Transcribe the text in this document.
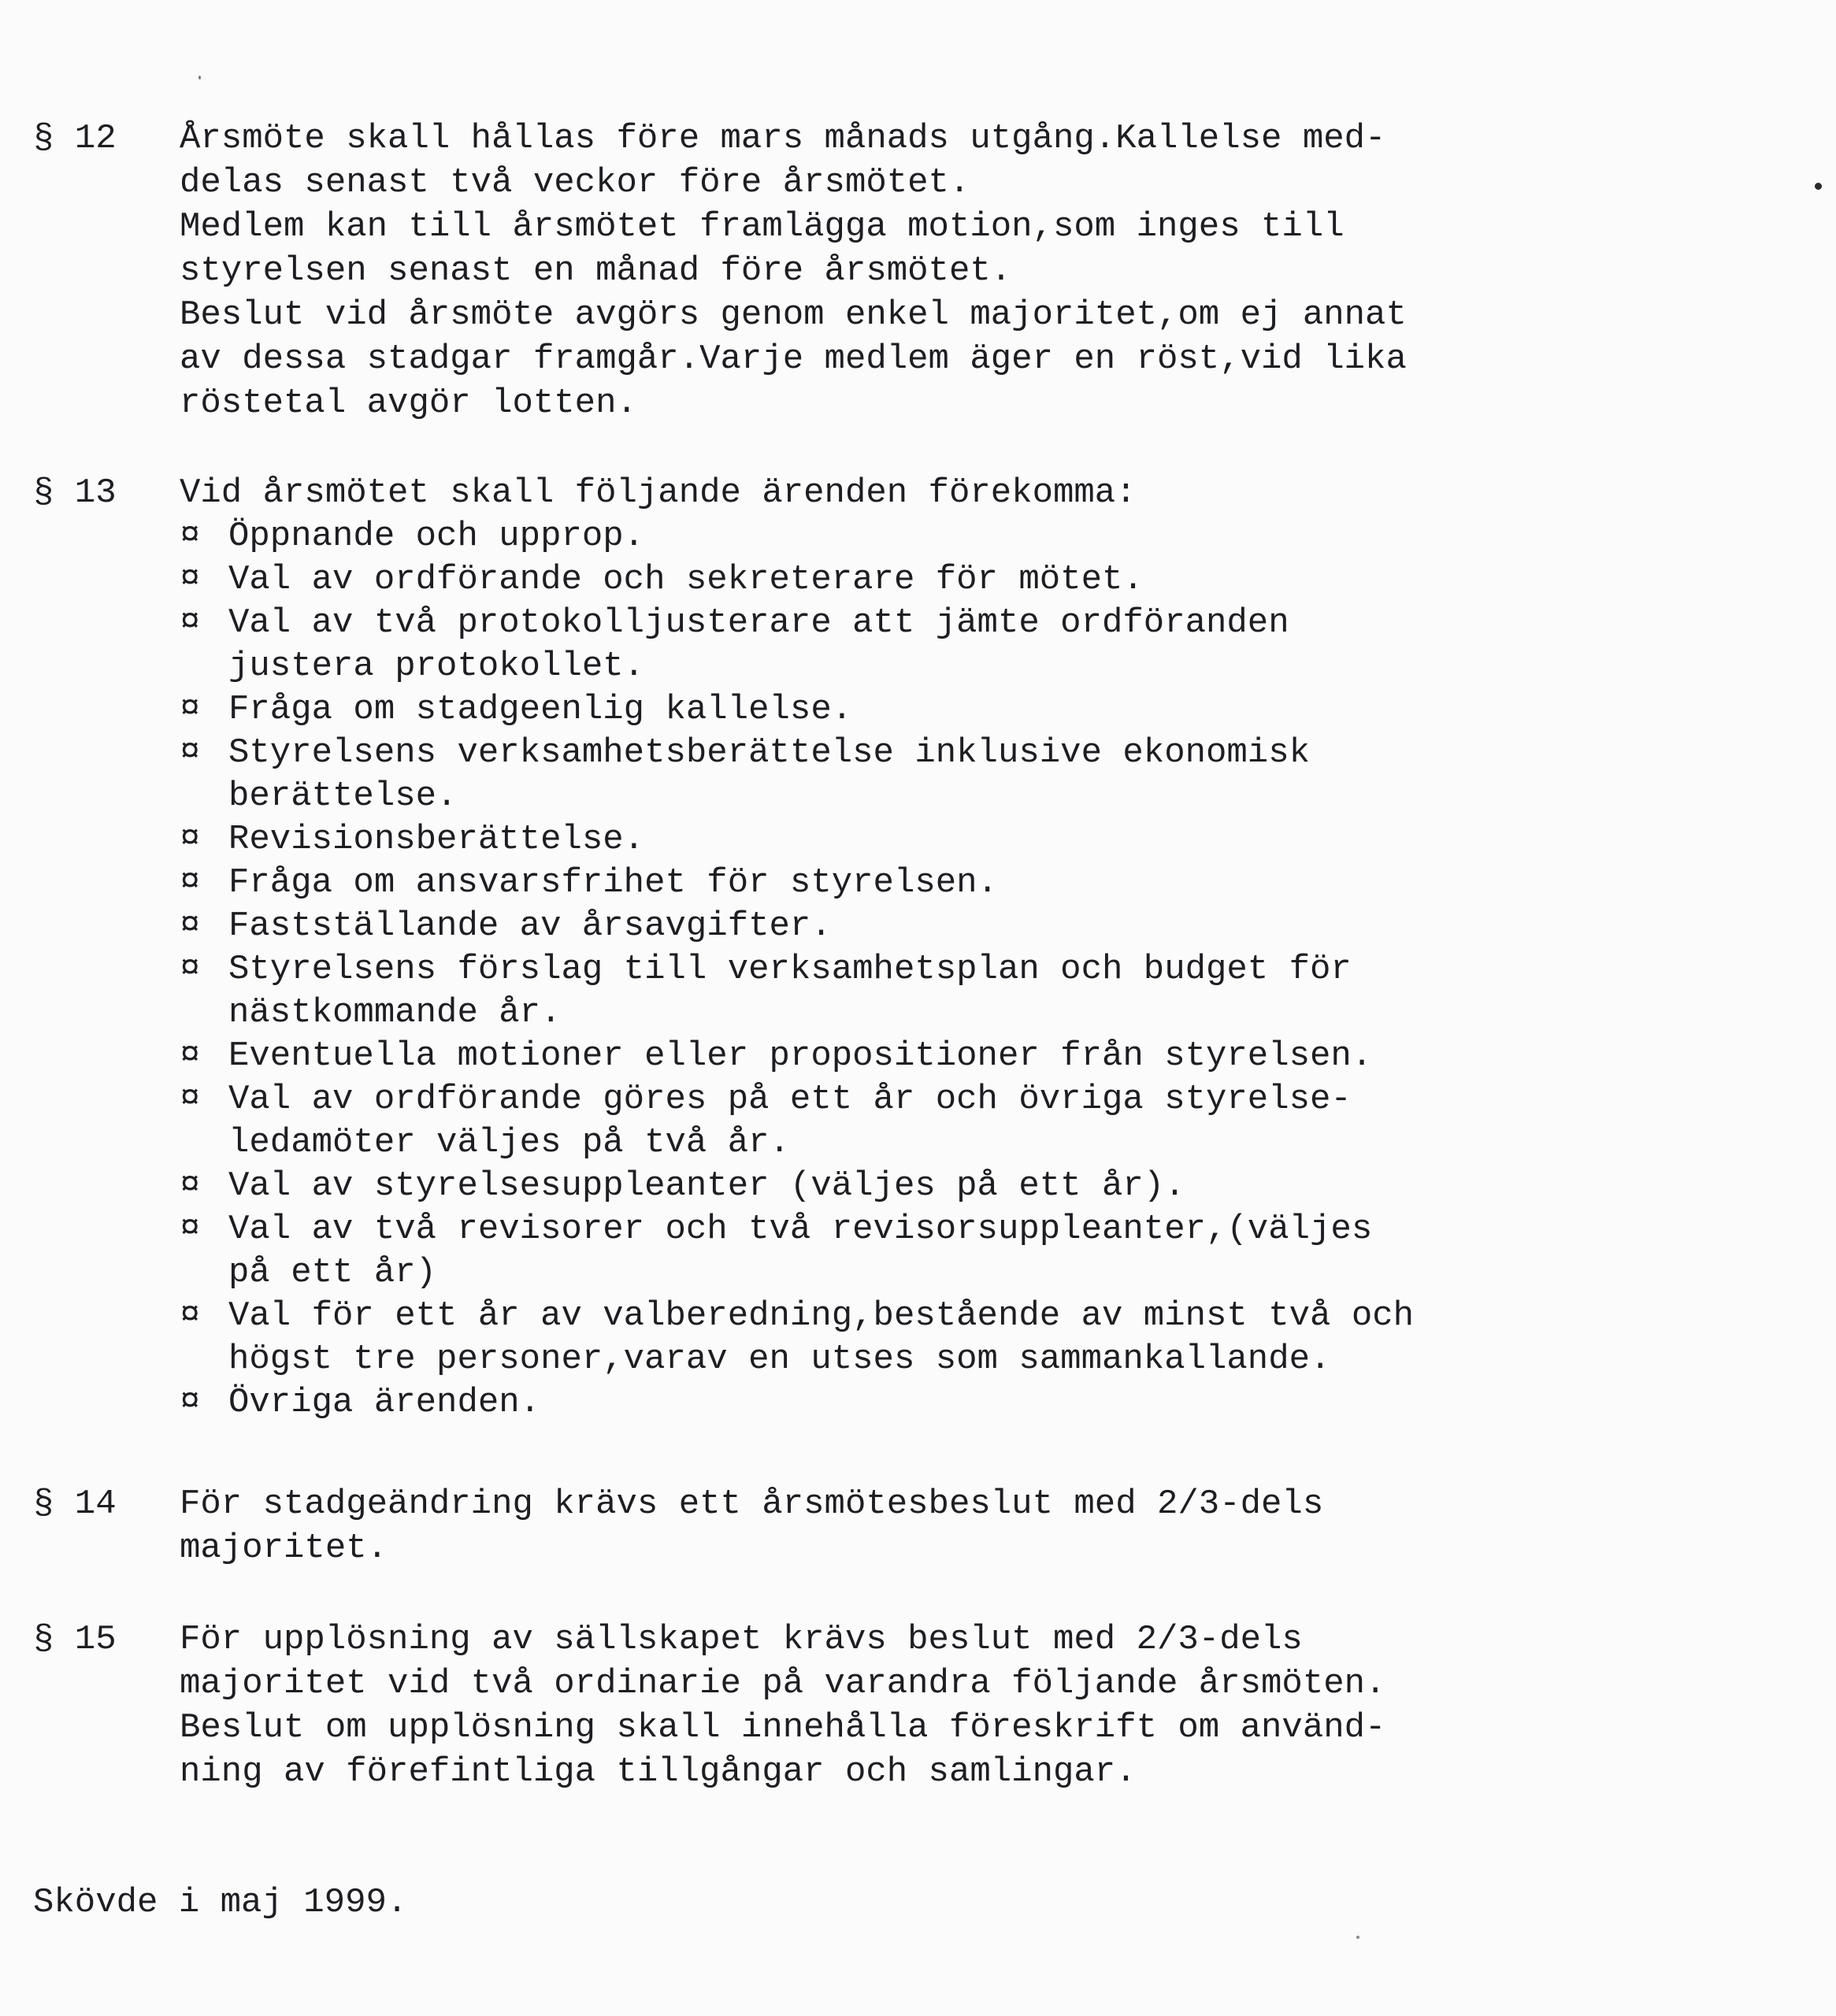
§ 12 Årsmöte skall hållas före mars månads utgång.Kallelse med-
delas senast två veckor före årsmötet.
Medlem kan till årsmötet framlägga motion,som inges till
styrelsen senast en månad före årsmötet.
Beslut vid årsmöte avgörs genom enkel majoritet,om ej annat
av dessa stadgar framgår.Varje medlem äger en röst,vid lika
röstetal avgör lotten.
§ 13 Vid årsmötet skall följande ärenden förekomma:
¤ Öppnande och upprop.
¤ Val av ordförande och sekreterare för mötet.
¤ Val av två protokolljusterare att jämte ordföranden
justera protokollet.
¤ Fråga om stadgeenlig kallelse.
¤ Styrelsens verksamhetsberättelse inklusive ekonomisk
berättelse.
¤ Revisionsberättelse.
¤ Fråga om ansvarsfrihet för styrelsen.
¤ Fastställande av årsavgifter.
¤ Styrelsens förslag till verksamhetsplan och budget för
nästkommande år.
¤ Eventuella motioner eller propositioner från styrelsen.
¤ Val av ordförande göres på ett år och övriga styrelse-
ledamöter väljes på två år.
¤ Val av styrelsesuppleanter (väljes på ett år).
¤ Val av två revisorer och två revisorsuppleanter,(väljes
på ett år)
¤ Val för ett år av valberedning,bestående av minst två och
högst tre personer,varav en utses som sammankallande.
¤ Övriga ärenden.
§ 14 För stadgeändring krävs ett årsmötesbeslut med 2/3-dels
majoritet.
§ 15 För upplösning av sällskapet krävs beslut med 2/3-dels
majoritet vid två ordinarie på varandra följande årsmöten.
Beslut om upplösning skall innehålla föreskrift om använd-
ning av förefintliga tillgångar och samlingar.
Skövde i maj 1999.
